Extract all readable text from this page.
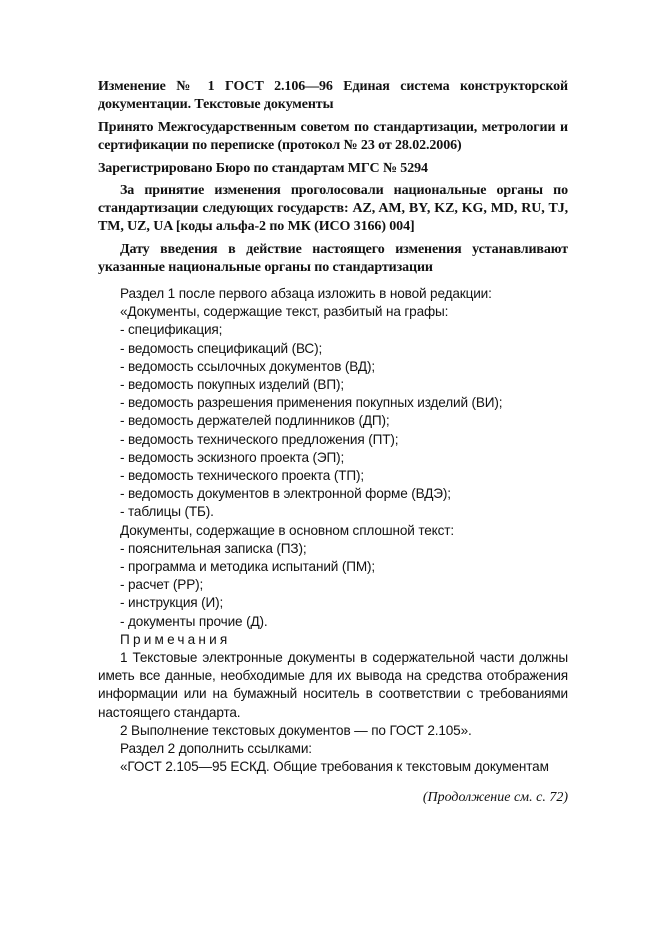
Изменение № 1 ГОСТ 2.106—96 Единая система конструкторской документации. Текстовые документы
Принято Межгосударственным советом по стандартизации, метрологии и сертификации по переписке (протокол № 23 от 28.02.2006)
Зарегистрировано Бюро по стандартам МГС № 5294
За принятие изменения проголосовали национальные органы по стандартизации следующих государств: AZ, AM, BY, KZ, KG, MD, RU, TJ, TM, UZ, UA [коды альфа-2 по МК (ИСО 3166) 004]
Дату введения в действие настоящего изменения устанавливают указанные национальные органы по стандартизации
Раздел 1 после первого абзаца изложить в новой редакции:
«Документы, содержащие текст, разбитый на графы:
- спецификация;
- ведомость спецификаций (ВС);
- ведомость ссылочных документов (ВД);
- ведомость покупных изделий (ВП);
- ведомость разрешения применения покупных изделий (ВИ);
- ведомость держателей подлинников (ДП);
- ведомость технического предложения (ПТ);
- ведомость эскизного проекта (ЭП);
- ведомость технического проекта (ТП);
- ведомость документов в электронной форме (ВДЭ);
- таблицы (ТБ).
Документы, содержащие в основном сплошной текст:
- пояснительная записка (ПЗ);
- программа и методика испытаний (ПМ);
- расчет (РР);
- инструкция (И);
- документы прочие (Д).
Примечания
1 Текстовые электронные документы в содержательной части должны иметь все данные, необходимые для их вывода на средства отображения информации или на бумажный носитель в соответствии с требованиями настоящего стандарта.
2 Выполнение текстовых документов — по ГОСТ 2.105».
Раздел 2 дополнить ссылками:
«ГОСТ 2.105—95 ЕСКД. Общие требования к текстовым документам
(Продолжение см. с. 72)
